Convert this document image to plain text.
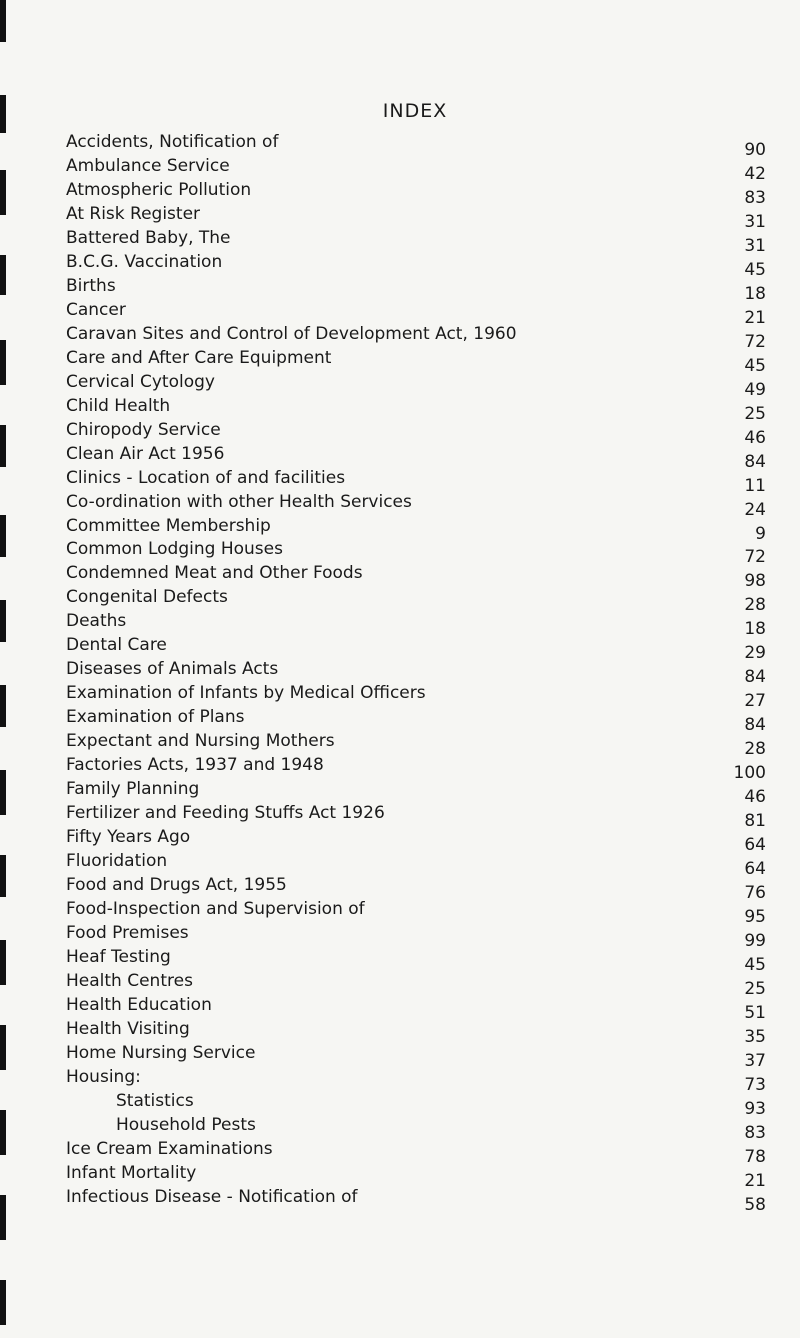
INDEX
Accidents, Notification of	90
Ambulance Service	42
Atmospheric Pollution	83
At Risk Register	31
Battered Baby, The	31
B.C.G. Vaccination	45
Births	18
Cancer	21
Caravan Sites and Control of Development Act, 1960	72
Care and After Care Equipment	45
Cervical Cytology	49
Child Health	25
Chiropody Service	46
Clean Air Act 1956	84
Clinics - Location of and facilities	11
Co-ordination with other Health Services	24
Committee Membership	9
Common Lodging Houses	72
Condemned Meat and Other Foods	98
Congenital Defects	28
Deaths	18
Dental Care	29
Diseases of Animals Acts	84
Examination of Infants by Medical Officers	27
Examination of Plans	84
Expectant and Nursing Mothers	28
Factories Acts, 1937 and 1948	100
Family Planning	46
Fertilizer and Feeding Stuffs Act 1926	81
Fifty Years Ago	64
Fluoridation	64
Food and Drugs Act, 1955	76
Food-Inspection and Supervision of	95
Food Premises	99
Heaf Testing	45
Health Centres	25
Health Education	51
Health Visiting	35
Home Nursing Service	37
Housing:	73
Statistics	93
Household Pests	83
Ice Cream Examinations	78
Infant Mortality	21
Infectious Disease - Notification of	58
